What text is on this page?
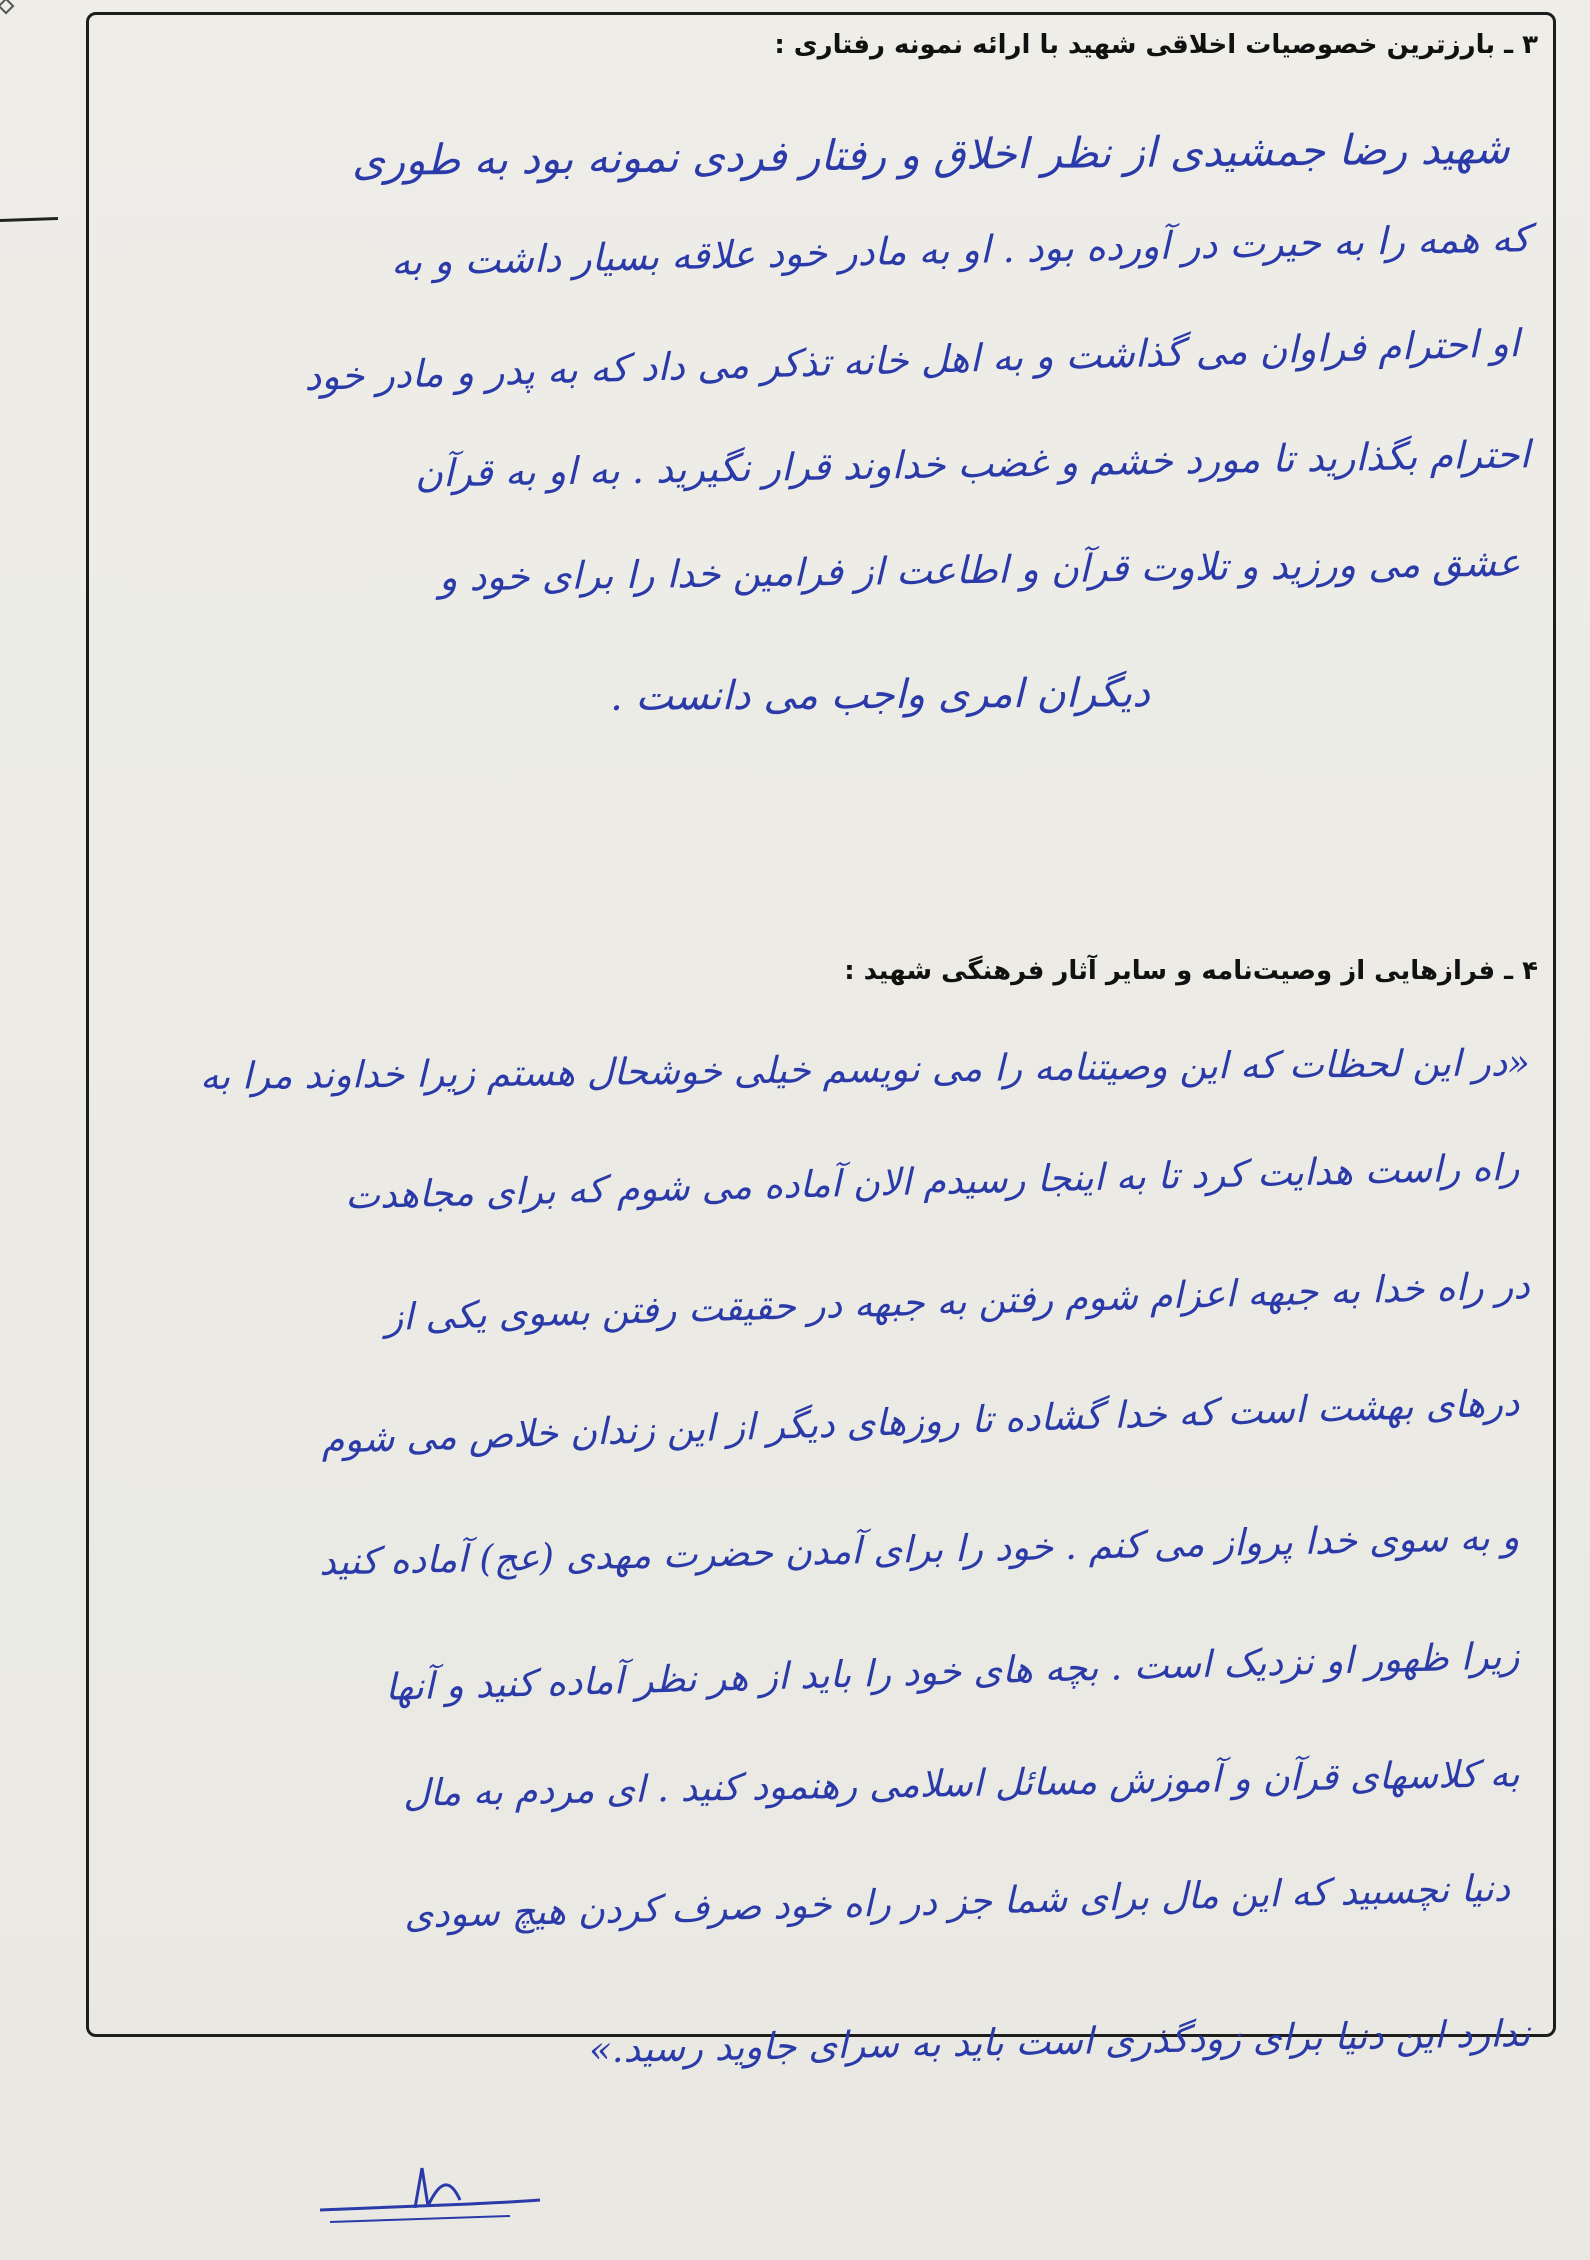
۳ ـ بارزترین خصوصیات اخلاقی شهید با ارائه نمونه رفتاری :
شهید رضا جمشیدی از نظر اخلاق و رفتار فردی نمونه بود به طوری
که همه را به حیرت در آورده بود . او به مادر خود علاقه بسیار داشت و به
او احترام فراوان می گذاشت و به اهل خانه تذکر می داد که به پدر و مادر خود
احترام بگذارید تا مورد خشم و غضب خداوند قرار نگیرید . به او به قرآن
عشق می ورزید و تلاوت قرآن و اطاعت از فرامین خدا را برای خود و
دیگران امری واجب می دانست .
۴ ـ فرازهایی از وصیت‌نامه و سایر آثار فرهنگی شهید :
«در این لحظات که این وصیتنامه را می نویسم خیلی خوشحال هستم زیرا خداوند مرا به
راه راست هدایت کرد تا به اینجا رسیدم الان آماده می شوم که برای مجاهدت
در راه خدا به جبهه اعزام شوم رفتن به جبهه در حقیقت رفتن بسوی یکی از
درهای بهشت است که خدا گشاده تا روزهای دیگر از این زندان خلاص می شوم
و به سوی خدا پرواز می کنم . خود را برای آمدن حضرت مهدی (عج) آماده کنید
زیرا ظهور او نزدیک است . بچه های خود را باید از هر نظر آماده کنید و آنها
به کلاسهای قرآن و آموزش مسائل اسلامی رهنمود کنید . ای مردم به مال
دنیا نچسبید که این مال برای شما جز در راه خود صرف کردن هیچ سودی
ندارد این دنیا برای زودگذری است باید به سرای جاوید رسید.»
